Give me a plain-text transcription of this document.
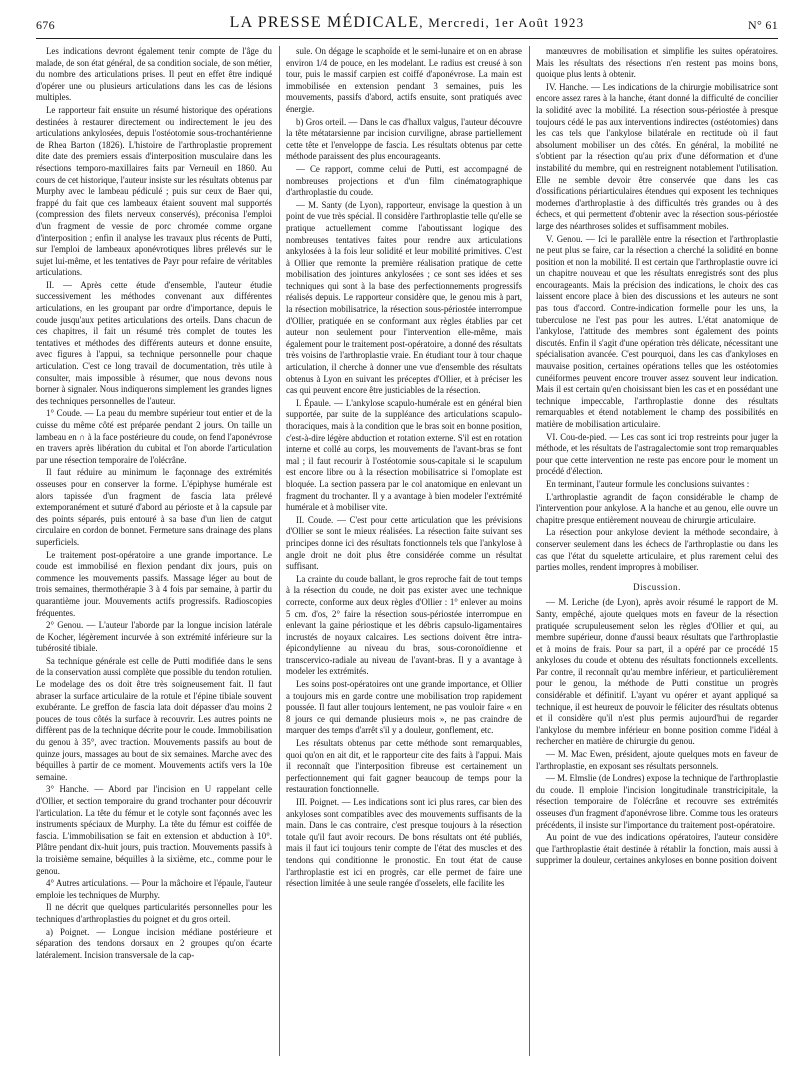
676	LA PRESSE MÉDICALE, Mercredi, 1er Août 1923	N° 61

Les indications devront également tenir compte de l'âge du malade, de son état général, de sa condition sociale, de son métier, du nombre des articulations prises. Il peut en effet être indiqué d'opérer une ou plusieurs articulations dans les cas de lésions multiples.

Le rapporteur fait ensuite un résumé historique des opérations destinées à restaurer directement ou indirectement le jeu des articulations ankylosées, depuis l'ostéotomie sous-trochantérienne de Rhea Barton (1826). L'histoire de l'arthroplastie proprement dite date des premiers essais d'interposition musculaire dans les résections temporo-maxillaires faits par Verneuil en 1860. Au cours de cet historique, l'auteur insiste sur les résultats obtenus par Murphy avec le lambeau pédiculé ; puis sur ceux de Baer qui, frappé du fait que ces lambeaux étaient souvent mal supportés (compression des filets nerveux conservés), préconisa l'emploi d'un fragment de vessie de porc chromée comme organe d'interposition ; enfin il analyse les travaux plus récents de Putti, sur l'emploi de lambeaux aponévrotiques libres prélevés sur le sujet lui-même, et les tentatives de Payr pour refaire de véritables articulations.

II. — Après cette étude d'ensemble, l'auteur étudie successivement les méthodes convenant aux différentes articulations, en les groupant par ordre d'importance, depuis le coude jusqu'aux petites articulations des orteils. Dans chacun de ces chapitres, il fait un résumé très complet de toutes les tentatives et méthodes des différents auteurs et donne ensuite, avec figures à l'appui, sa technique personnelle pour chaque articulation. C'est ce long travail de documentation, très utile à consulter, mais impossible à résumer, que nous devons nous borner à signaler. Nous indiquerons simplement les grandes lignes des techniques personnelles de l'auteur.

1° Coude. — La peau du membre supérieur tout entier et de la cuisse du même côté est préparée pendant 2 jours. On taille un lambeau en ∩ à la face postérieure du coude, on fend l'aponévrose en travers après libération du cubital et l'on aborde l'articulation par une résection temporaire de l'olécrâne.

Il faut réduire au minimum le façonnage des extrémités osseuses pour en conserver la forme. L'épiphyse humérale est alors tapissée d'un fragment de fascia lata prélevé extemporanément et suturé d'abord au périoste et à la capsule par des points séparés, puis entouré à sa base d'un lien de catgut circulaire en cordon de bonnet. Fermeture sans drainage des plans superficiels.

Le traitement post-opératoire a une grande importance. Le coude est immobilisé en flexion pendant dix jours, puis on commence les mouvements passifs. Massage léger au bout de trois semaines, thermothérapie 3 à 4 fois par semaine, à partir du quarantième jour. Mouvements actifs progressifs. Radioscopies fréquentes.

2° Genou. — L'auteur l'aborde par la longue incision latérale de Kocher, légèrement incurvée à son extrémité inférieure sur la tubérosité tibiale.

Sa technique générale est celle de Putti modifiée dans le sens de la conservation aussi complète que possible du tendon rotulien. Le modelage des os doit être très soigneusement fait. Il faut abraser la surface articulaire de la rotule et l'épine tibiale souvent exubérante. Le greffon de fascia lata doit dépasser d'au moins 2 pouces de tous côtés la surface à recouvrir. Les autres points ne diffèrent pas de la technique décrite pour le coude. Immobilisation du genou à 35°, avec traction. Mouvements passifs au bout de quinze jours, massages au bout de six semaines. Marche avec des béquilles à partir de ce moment. Mouvements actifs vers la 10e semaine.

3° Hanche. — Abord par l'incision en U rappelant celle d'Ollier, et section temporaire du grand trochanter pour découvrir l'articulation. La tête du fémur et le cotyle sont façonnés avec les instruments spéciaux de Murphy. La tête du fémur est coiffée de fascia. L'immobilisation se fait en extension et abduction à 10°. Plâtre pendant dix-huit jours, puis traction. Mouvements passifs à la troisième semaine, béquilles à la sixième, etc., comme pour le genou.

4° Autres articulations. — Pour la mâchoire et l'épaule, l'auteur emploie les techniques de Murphy.

Il ne décrit que quelques particularités personnelles pour les techniques d'arthroplasties du poignet et du gros orteil.

a) Poignet. — Longue incision médiane postérieure et séparation des tendons dorsaux en 2 groupes qu'on écarte latéralement. Incision transversale de la cap-

sule. On dégage le scaphoïde et le semi-lunaire et on en abrase environ 1/4 de pouce, en les modelant. Le radius est creusé à son tour, puis le massif carpien est coiffé d'aponévrose. La main est immobilisée en extension pendant 3 semaines, puis les mouvements, passifs d'abord, actifs ensuite, sont pratiqués avec énergie.

b) Gros orteil. — Dans le cas d'hallux valgus, l'auteur découvre la tête métatarsienne par incision curviligne, abrase partiellement cette tête et l'enveloppe de fascia. Les résultats obtenus par cette méthode paraissent des plus encourageants.

— Ce rapport, comme celui de Putti, est accompagné de nombreuses projections et d'un film cinématographique d'arthroplastie du coude.

— M. Santy (de Lyon), rapporteur, envisage la question à un point de vue très spécial. Il considère l'arthroplastie telle qu'elle se pratique actuellement comme l'aboutissant logique des nombreuses tentatives faites pour rendre aux articulations ankylosées à la fois leur solidité et leur mobilité primitives. C'est à Ollier que remonte la première réalisation pratique de cette mobilisation des jointures ankylosées ; ce sont ses idées et ses techniques qui sont à la base des perfectionnements progressifs réalisés depuis. Le rapporteur considère que, le genou mis à part, la résection mobilisatrice, la résection sous-périostée interrompue d'Ollier, pratiquée en se conformant aux règles établies par cet auteur non seulement pour l'intervention elle-même, mais également pour le traitement post-opératoire, a donné des résultats très voisins de l'arthroplastie vraie. En étudiant tour à tour chaque articulation, il cherche à donner une vue d'ensemble des résultats obtenus à Lyon en suivant les préceptes d'Ollier, et à préciser les cas qui peuvent encore être justiciables de la résection.

I. Épaule. — L'ankylose scapulo-humérale est en général bien supportée, par suite de la suppléance des articulations scapulo-thoraciques, mais à la condition que le bras soit en bonne position, c'est-à-dire légère abduction et rotation externe. S'il est en rotation interne et collé au corps, les mouvements de l'avant-bras se font mal ; il faut recourir à l'ostéotomie sous-capitale si le scapulum est encore libre ou à la résection mobilisatrice si l'omoplate est bloquée. La section passera par le col anatomique en enlevant un fragment du trochanter. Il y a avantage à bien modeler l'extrémité humérale et à mobiliser vite.

II. Coude. — C'est pour cette articulation que les prévisions d'Ollier se sont le mieux réalisées. La résection faite suivant ses principes donne ici des résultats fonctionnels tels que l'ankylose à angle droit ne doit plus être considérée comme un résultat suffisant.

La crainte du coude ballant, le gros reproche fait de tout temps à la résection du coude, ne doit pas exister avec une technique correcte, conforme aux deux règles d'Ollier : 1° enlever au moins 5 cm. d'os, 2° faire la résection sous-périostée interrompue en enlevant la gaine périostique et les débris capsulo-ligamentaires incrustés de noyaux calcaires. Les sections doivent être intra-épicondylienne au niveau du bras, sous-coronoïdienne et transcervico-radiale au niveau de l'avant-bras. Il y a avantage à modeler les extrémités.

Les soins post-opératoires ont une grande importance, et Ollier a toujours mis en garde contre une mobilisation trop rapidement poussée. Il faut aller toujours lentement, ne pas vouloir faire « en 8 jours ce qui demande plusieurs mois », ne pas craindre de marquer des temps d'arrêt s'il y a douleur, gonflement, etc.

Les résultats obtenus par cette méthode sont remarquables, quoi qu'on en ait dit, et le rapporteur cite des faits à l'appui. Mais il reconnaît que l'interposition fibreuse est certainement un perfectionnement qui fait gagner beaucoup de temps pour la restauration fonctionnelle.

III. Poignet. — Les indications sont ici plus rares, car bien des ankyloses sont compatibles avec des mouvements suffisants de la main. Dans le cas contraire, c'est presque toujours à la résection totale qu'il faut avoir recours. De bons résultats ont été publiés, mais il faut ici toujours tenir compte de l'état des muscles et des tendons qui conditionne le pronostic. En tout état de cause l'arthroplastie est ici en progrès, car elle permet de faire une résection limitée à une seule rangée d'osselets, elle facilite les

manœuvres de mobilisation et simplifie les suites opératoires. Mais les résultats des résections n'en restent pas moins bons, quoique plus lents à obtenir.

IV. Hanche. — Les indications de la chirurgie mobilisatrice sont encore assez rares à la hanche, étant donné la difficulté de concilier la solidité avec la mobilité. La résection sous-périostée à presque toujours cédé le pas aux interventions indirectes (ostéotomies) dans les cas tels que l'ankylose bilatérale en rectitude où il faut absolument mobiliser un des côtés. En général, la mobilité ne s'obtient par la résection qu'au prix d'une déformation et d'une instabilité du membre, qui en restreignent notablement l'utilisation. Elle ne semble devoir être conservée que dans les cas d'ossifications périarticulaires étendues qui exposent les techniques modernes d'arthroplastie à des difficultés très grandes ou à des échecs, et qui permettent d'obtenir avec la résection sous-périostée large des néarthroses solides et suffisamment mobiles.

V. Genou. — Ici le parallèle entre la résection et l'arthroplastie ne peut plus se faire, car la résection a cherché la solidité en bonne position et non la mobilité. Il est certain que l'arthroplastie ouvre ici un chapitre nouveau et que les résultats enregistrés sont des plus encourageants. Mais la précision des indications, le choix des cas laissent encore place à bien des discussions et les auteurs ne sont pas tous d'accord. Contre-indication formelle pour les uns, la tuberculose ne l'est pas pour les autres. L'état anatomique de l'ankylose, l'attitude des membres sont également des points discutés. Enfin il s'agit d'une opération très délicate, nécessitant une spécialisation avancée. C'est pourquoi, dans les cas d'ankyloses en mauvaise position, certaines opérations telles que les ostéotomies cunéiformes peuvent encore trouver assez souvent leur indication. Mais il est certain qu'en choisissant bien les cas et en possédant une technique impeccable, l'arthroplastie donne des résultats remarquables et étend notablement le champ des possibilités en matière de mobilisation articulaire.

VI. Cou-de-pied. — Les cas sont ici trop restreints pour juger la méthode, et les résultats de l'astragalectomie sont trop remarquables pour que cette intervention ne reste pas encore pour le moment un procédé d'élection.

En terminant, l'auteur formule les conclusions suivantes :

L'arthroplastie agrandit de façon considérable le champ de l'intervention pour ankylose. A la hanche et au genou, elle ouvre un chapitre presque entièrement nouveau de chirurgie articulaire.

La résection pour ankylose devient la méthode secondaire, à conserver seulement dans les échecs de l'arthroplastie ou dans les cas que l'état du squelette articulaire, et plus rarement celui des parties molles, rendent impropres à mobiliser.

Discussion.

— M. Leriche (de Lyon), après avoir résumé le rapport de M. Santy, empêché, ajoute quelques mots en faveur de la résection pratiquée scrupuleusement selon les règles d'Ollier et qui, au membre supérieur, donne d'aussi beaux résultats que l'arthroplastie et à moins de frais. Pour sa part, il a opéré par ce procédé 15 ankyloses du coude et obtenu des résultats fonctionnels excellents. Par contre, il reconnaît qu'au membre inférieur, et particulièrement pour le genou, la méthode de Putti constitue un progrès considérable et définitif. L'ayant vu opérer et ayant appliqué sa technique, il est heureux de pouvoir le féliciter des résultats obtenus et il considère qu'il n'est plus permis aujourd'hui de regarder l'ankylose du membre inférieur en bonne position comme l'idéal à rechercher en matière de chirurgie du genou.

— M. Mac Ewen, président, ajoute quelques mots en faveur de l'arthroplastie, en exposant ses résultats personnels.

— M. Elmslie (de Londres) expose la technique de l'arthroplastie du coude. Il emploie l'incision longitudinale transtricipitale, la résection temporaire de l'olécrâne et recouvre ses extrémités osseuses d'un fragment d'aponévrose libre. Comme tous les orateurs précédents, il insiste sur l'importance du traitement post-opératoire.

Au point de vue des indications opératoires, l'auteur considère que l'arthroplastie était destinée à rétablir la fonction, mais aussi à supprimer la douleur, certaines ankyloses en bonne position doivent
